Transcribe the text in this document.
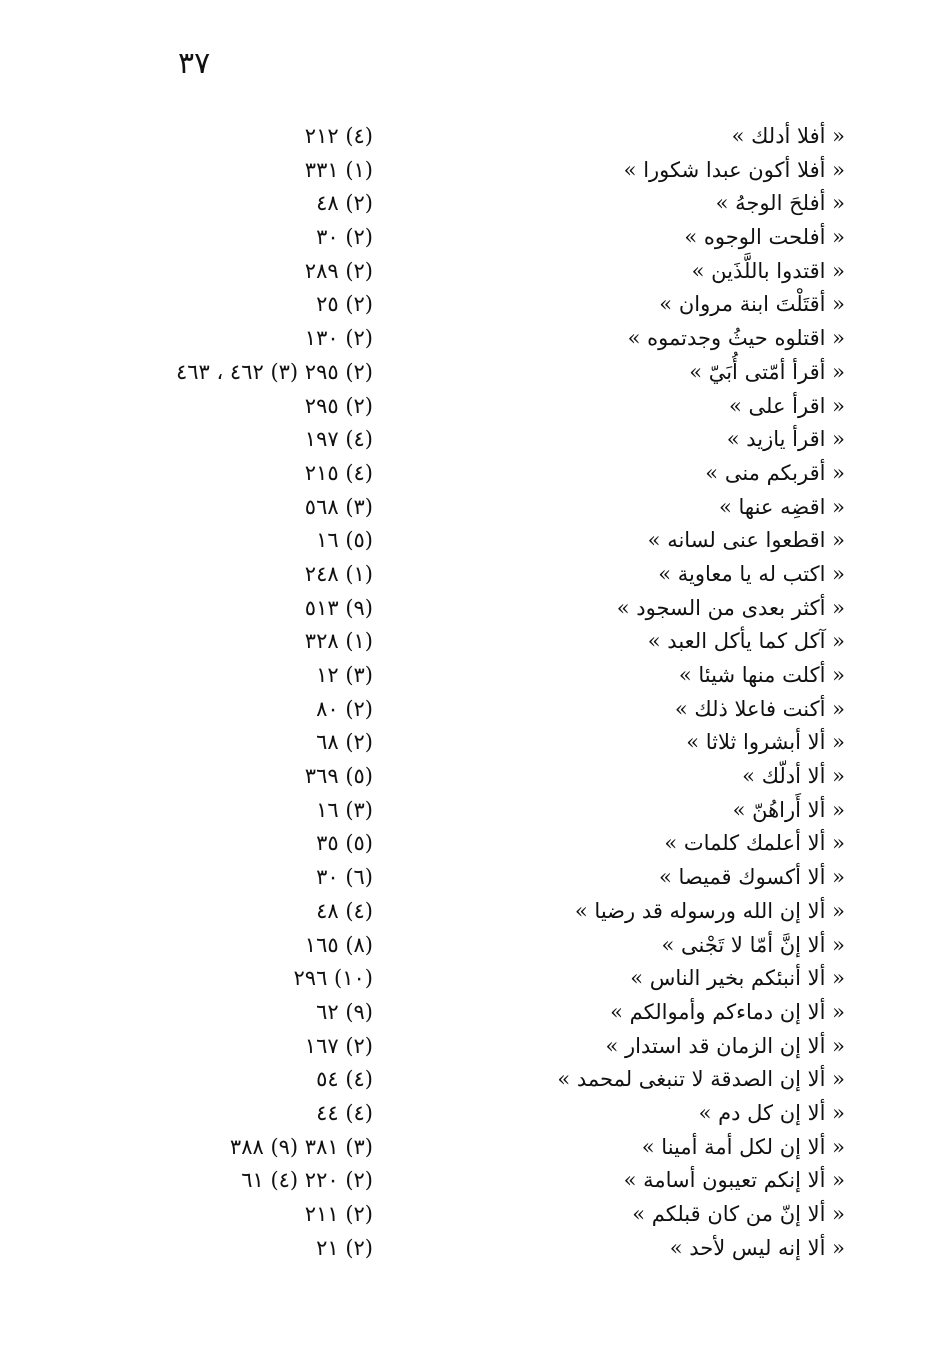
٣٧
« أفلا أدلك »
(٤) ٢١٢
« أفلا أكون عبدا شكورا »
(١) ٣٣١
« أفلحَ الوجهُ »
(٢) ٤٨
« أفلحت الوجوه »
(٢) ٣٠
« اقتدوا باللَّذَين »
(٢) ٢٨٩
« أقتَلْتَ ابنة مروان »
(٢) ٢٥
« اقتلوه حيثُ وجدتموه »
(٢) ١٣٠
« أقرأ أمّتى أُبَيّ »
(٢) ٢٩٥ (٣) ٤٦٢ ، ٤٦٣
« اقرأ على »
(٢) ٢٩٥
« اقرأ يازيد »
(٤) ١٩٧
« أقربكم منى »
(٤) ٢١٥
« اقضِه عنها »
(٣) ٥٦٨
« اقطعوا عنى لسانه »
(٥) ١٦
« اكتب له يا معاوية »
(١) ٢٤٨
« أكثر بعدى من السجود »
(٩) ٥١٣
« آكل كما يأكل العبد »
(١) ٣٢٨
« أكلت منها شيئا »
(٣) ١٢
« أكنت فاعلا ذلك »
(٢) ٨٠
« ألا أبشروا ثلاثا »
(٢) ٦٨
« ألا أدلّك »
(٥) ٣٦٩
« ألا أَراهُنّ »
(٣) ١٦
« ألا أعلمك كلمات »
(٥) ٣٥
« ألا أكسوك قميصا »
(٦) ٣٠
« ألا إن الله ورسوله قد رضيا »
(٤) ٤٨
« ألا إنَّ أمّا لا تَجْنى »
(٨) ١٦٥
« ألا أنبئكم بخير الناس »
(١٠) ٢٩٦
« ألا إن دماءكم وأموالكم »
(٩) ٦٢
« ألا إن الزمان قد استدار »
(٢) ١٦٧
« ألا إن الصدقة لا تنبغى لمحمد »
(٤) ٥٤
« ألا إن كل دم »
(٤) ٤٤
« ألا إن لكل أمة أمينا »
(٣) ٣٨١ (٩) ٣٨٨
« ألا إنكم تعيبون أسامة »
(٢) ٢٢٠ (٤) ٦١
« ألا إنّ من كان قبلكم »
(٢) ٢١١
« ألا إنه ليس لأحد »
(٢) ٢١
